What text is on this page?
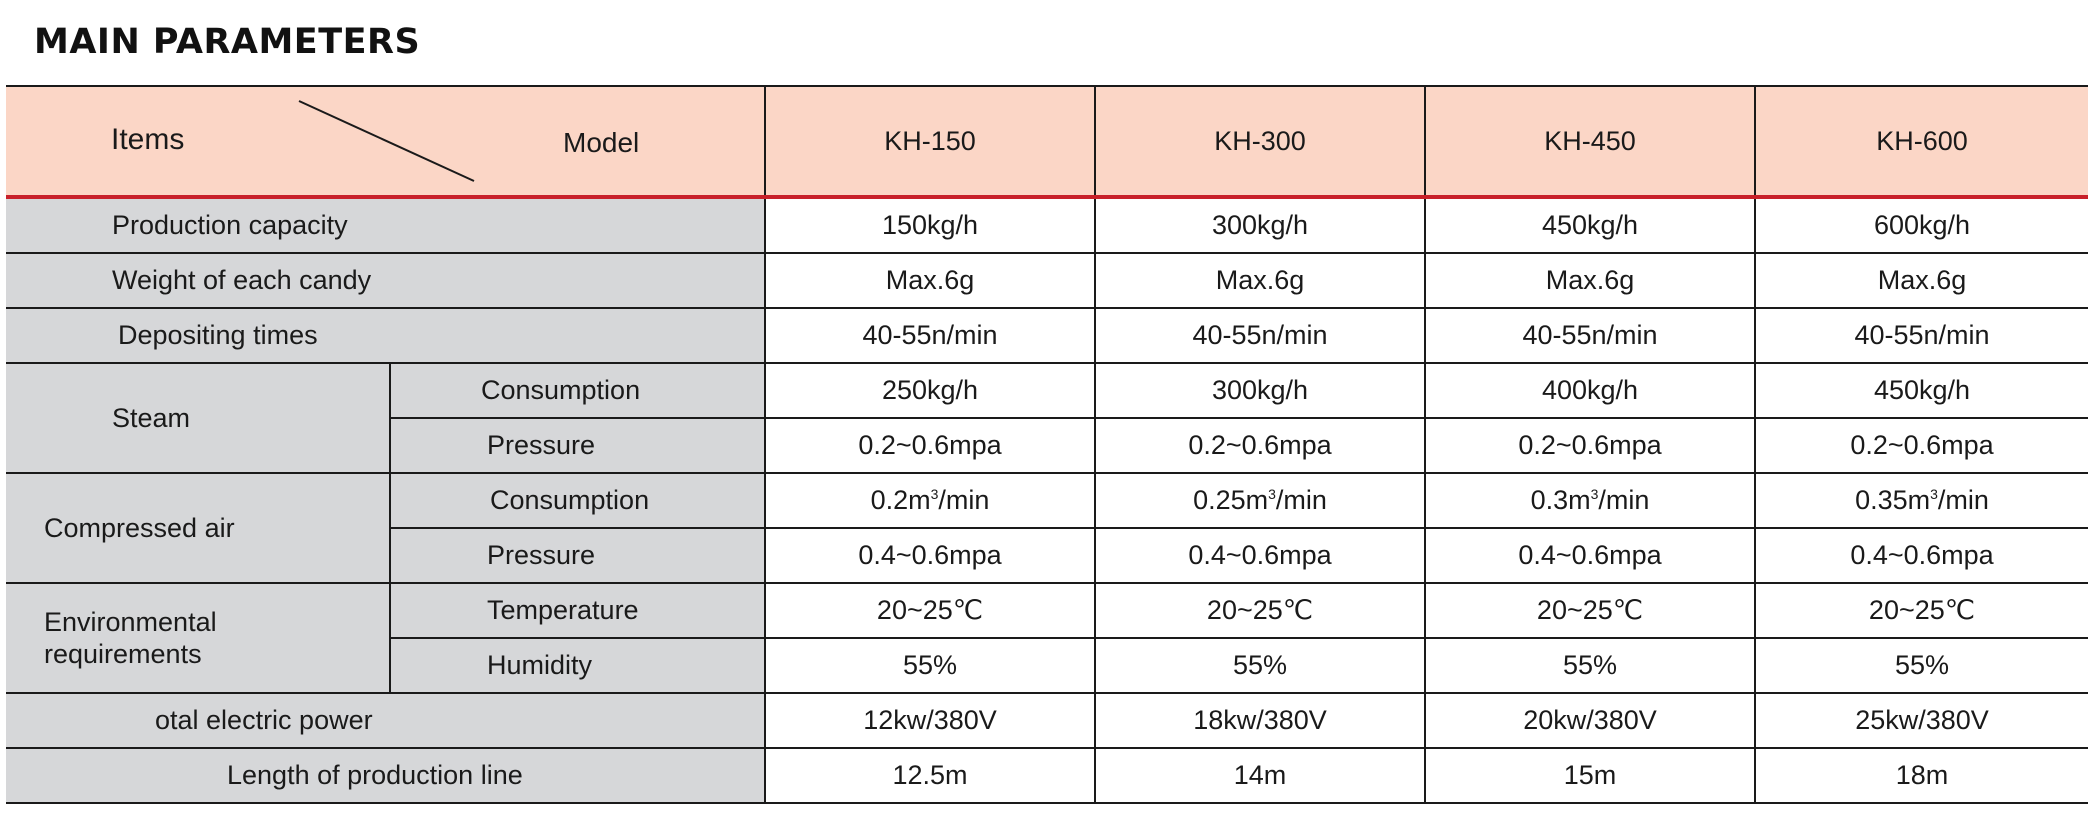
MAIN PARAMETERS
Items Model		KH-150	KH-300	KH-450	KH-600
Production capacity		150kg/h	300kg/h	450kg/h	600kg/h
Weight of each candy		Max.6g	Max.6g	Max.6g	Max.6g
Depositing times		40-55n/min	40-55n/min	40-55n/min	40-55n/min
Steam	Consumption	250kg/h	300kg/h	400kg/h	450kg/h
	Pressure	0.2~0.6mpa	0.2~0.6mpa	0.2~0.6mpa	0.2~0.6mpa
Compressed air	Consumption	$0.2m^3/\min$	$0.25m^3/\min$	$0.3m^3/\min$	$0.35m^3/\min$
	Pressure	0.4~0.6mpa	0.4~0.6mpa	0.4~0.6mpa	0.4~0.6mpa
Environmental
requirements	Temperature	20~25℃	20~25℃	20~25℃	20~25℃
	Humidity	55%	55%	55%	55%
otal electric power		12kw/380V	18kw/380V	20kw/380V	25kw/380V
Length of production line		12.5m	14m	15m	18m
